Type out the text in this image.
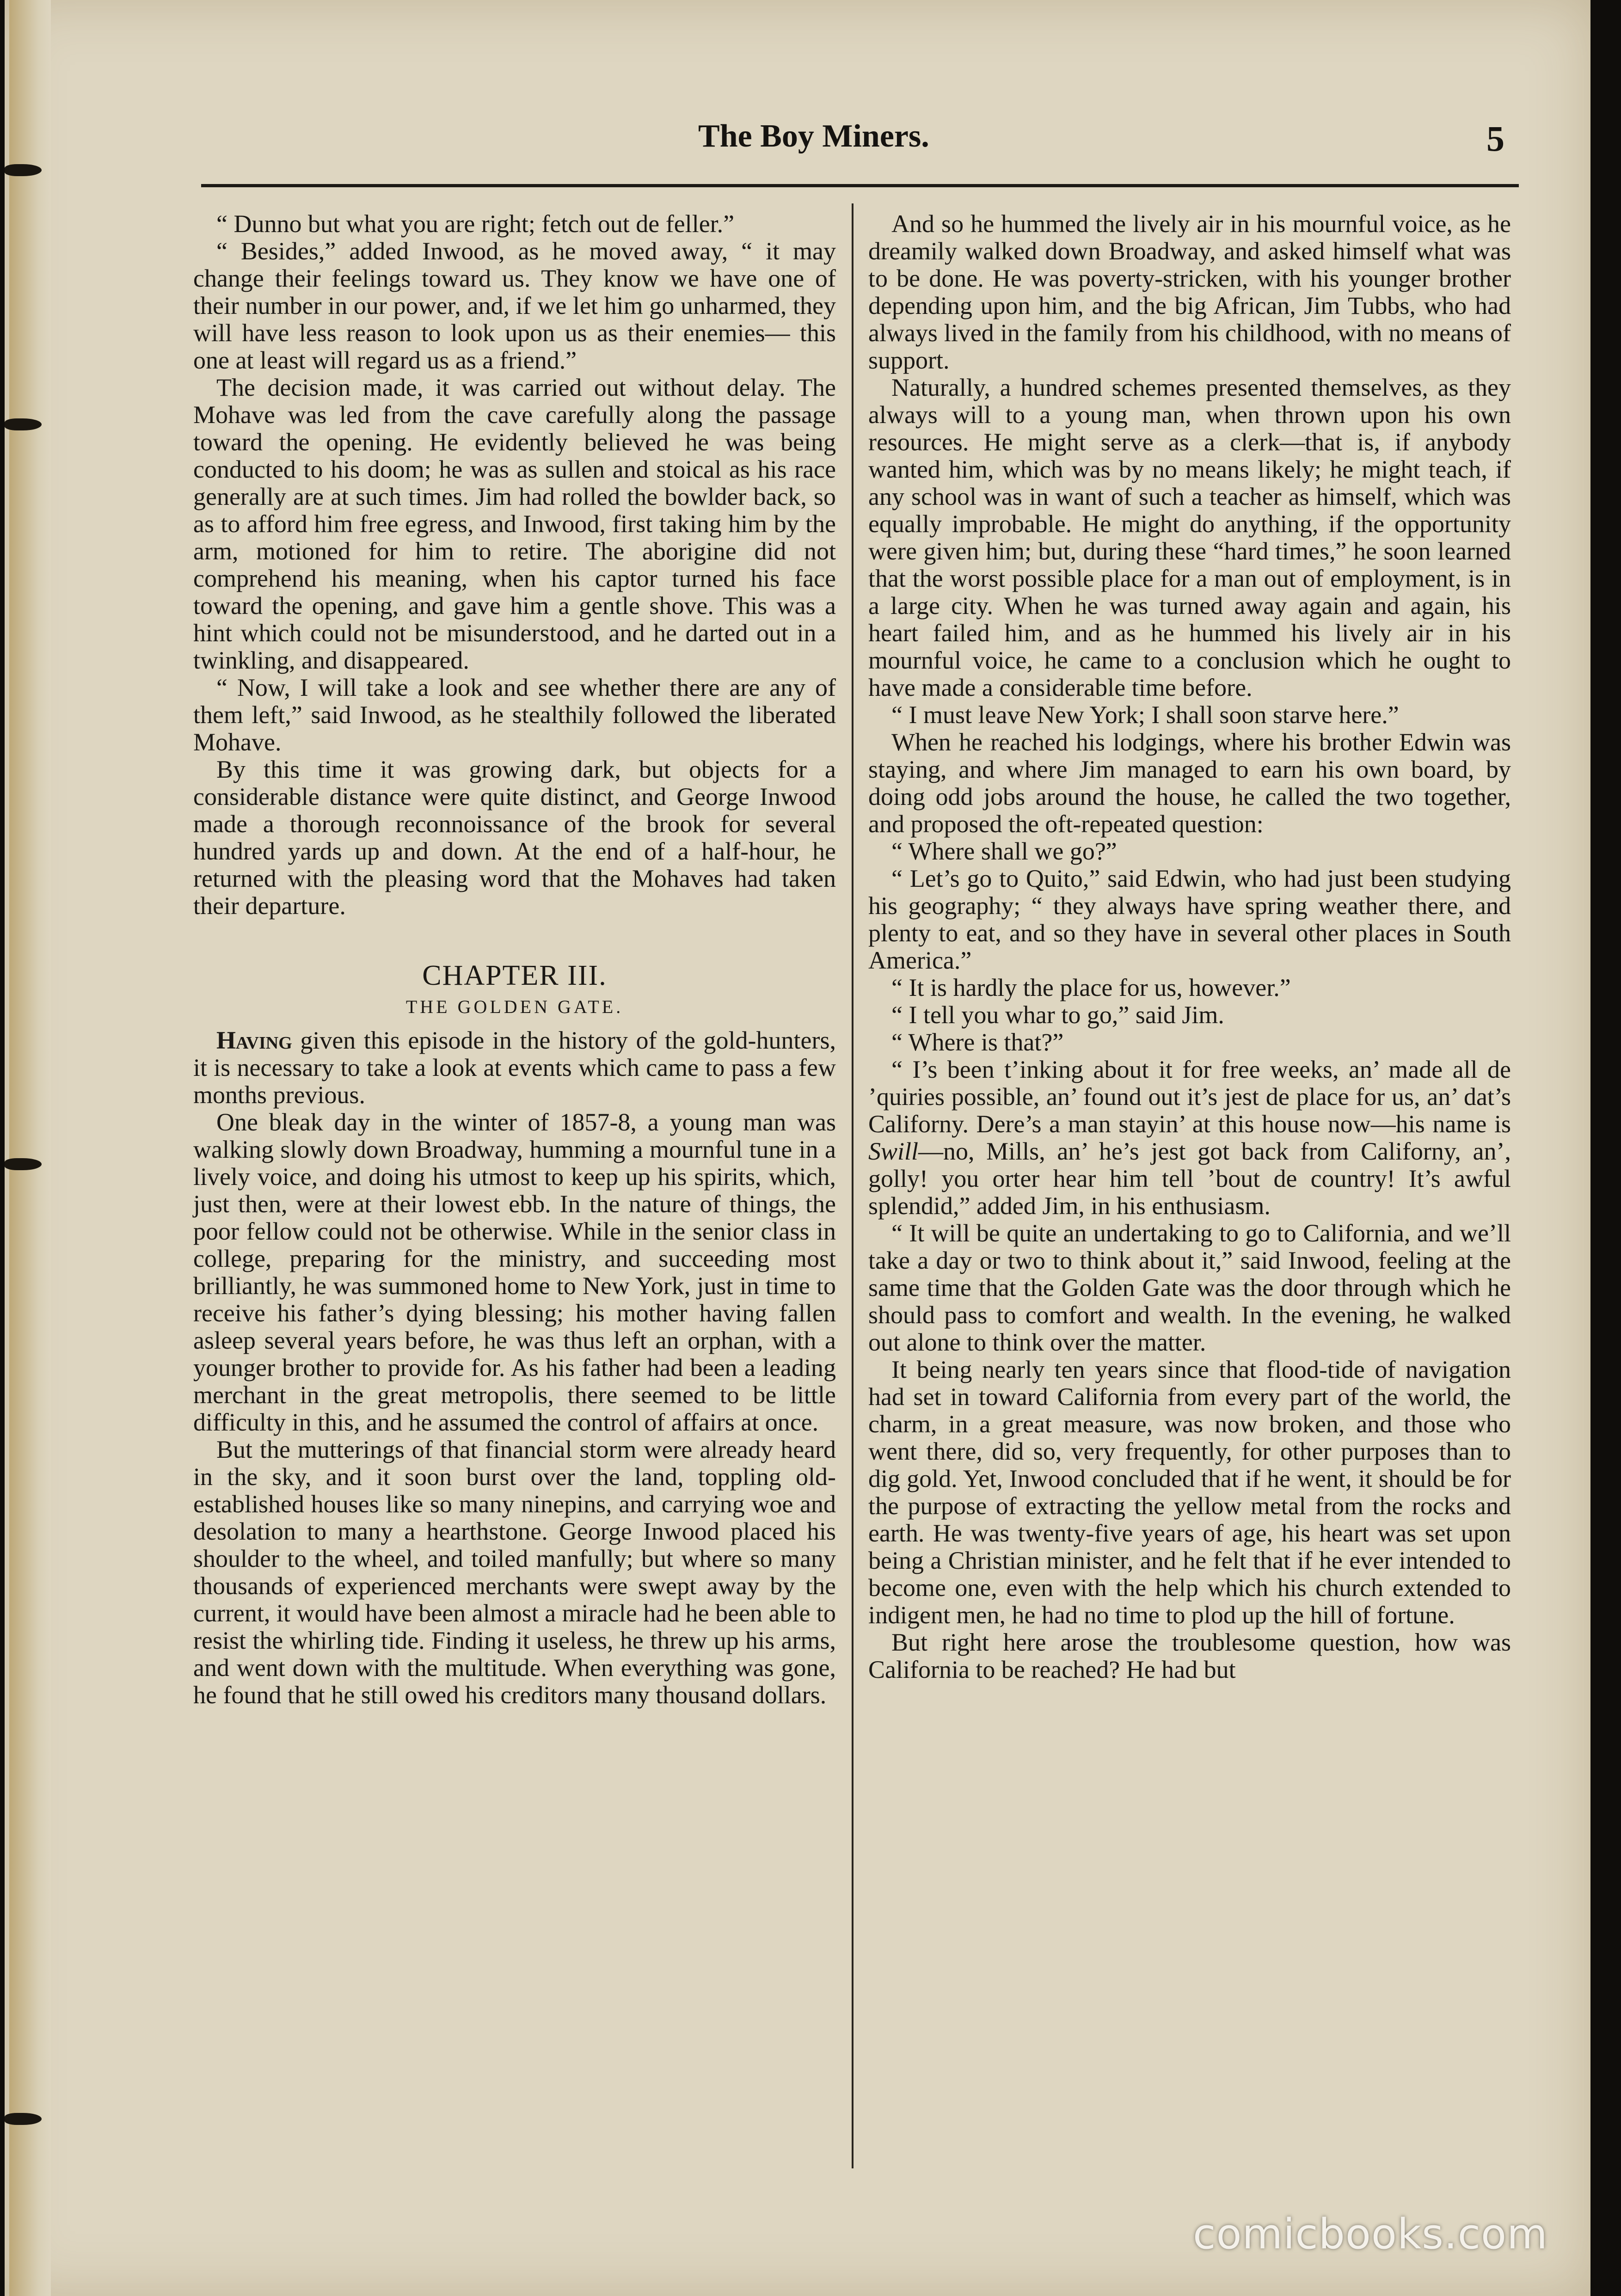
The Boy Miners.	5

“ Dunno but what you are right; fetch out de feller.”

“ Besides,” added Inwood, as he moved away, “ it may change their feelings toward us. They know we have one of their number in our power, and, if we let him go unharmed, they will have less reason to look upon us as their enemies— this one at least will regard us as a friend.”

The decision made, it was carried out without delay. The Mohave was led from the cave carefully along the passage toward the opening. He evidently believed he was being conducted to his doom; he was as sullen and stoical as his race generally are at such times. Jim had rolled the bowlder back, so as to afford him free egress, and Inwood, first taking him by the arm, motioned for him to retire. The aborigine did not comprehend his meaning, when his captor turned his face toward the opening, and gave him a gentle shove. This was a hint which could not be misunderstood, and he darted out in a twinkling, and disappeared.

“ Now, I will take a look and see whether there are any of them left,” said Inwood, as he stealthily followed the liberated Mohave.

By this time it was growing dark, but objects for a considerable distance were quite distinct, and George Inwood made a thorough reconnoissance of the brook for several hundred yards up and down. At the end of a half-hour, he returned with the pleasing word that the Mohaves had taken their departure.

CHAPTER III.
THE GOLDEN GATE.

Having given this episode in the history of the gold-hunters, it is necessary to take a look at events which came to pass a few months previous.

One bleak day in the winter of 1857-8, a young man was walking slowly down Broadway, humming a mournful tune in a lively voice, and doing his utmost to keep up his spirits, which, just then, were at their lowest ebb. In the nature of things, the poor fellow could not be otherwise. While in the senior class in college, preparing for the ministry, and succeeding most brilliantly, he was summoned home to New York, just in time to receive his father’s dying blessing; his mother having fallen asleep several years before, he was thus left an orphan, with a younger brother to provide for. As his father had been a leading merchant in the great metropolis, there seemed to be little difficulty in this, and he assumed the control of affairs at once.

But the mutterings of that financial storm were already heard in the sky, and it soon burst over the land, toppling old-established houses like so many ninepins, and carrying woe and desolation to many a hearthstone. George Inwood placed his shoulder to the wheel, and toiled manfully; but where so many thousands of experienced merchants were swept away by the current, it would have been almost a miracle had he been able to resist the whirling tide. Finding it useless, he threw up his arms, and went down with the multitude. When everything was gone, he found that he still owed his creditors many thousand dollars.

And so he hummed the lively air in his mournful voice, as he dreamily walked down Broadway, and asked himself what was to be done. He was poverty-stricken, with his younger brother depending upon him, and the big African, Jim Tubbs, who had always lived in the family from his childhood, with no means of support.

Naturally, a hundred schemes presented themselves, as they always will to a young man, when thrown upon his own resources. He might serve as a clerk—that is, if anybody wanted him, which was by no means likely; he might teach, if any school was in want of such a teacher as himself, which was equally improbable. He might do anything, if the opportunity were given him; but, during these “hard times,” he soon learned that the worst possible place for a man out of employment, is in a large city. When he was turned away again and again, his heart failed him, and as he hummed his lively air in his mournful voice, he came to a conclusion which he ought to have made a considerable time before.

“ I must leave New York; I shall soon starve here.”

When he reached his lodgings, where his brother Edwin was staying, and where Jim managed to earn his own board, by doing odd jobs around the house, he called the two together, and proposed the oft-repeated question:

“ Where shall we go?”

“ Let’s go to Quito,” said Edwin, who had just been studying his geography; “ they always have spring weather there, and plenty to eat, and so they have in several other places in South America.”

“ It is hardly the place for us, however.”

“ I tell you whar to go,” said Jim.

“ Where is that?”

“ I’s been t’inking about it for free weeks, an’ made all de ’quiries possible, an’ found out it’s jest de place for us, an’ dat’s Californy. Dere’s a man stayin’ at this house now—his name is Swill—no, Mills, an’ he’s jest got back from Californy, an’, golly! you orter hear him tell ’bout de country! It’s awful splendid,” added Jim, in his enthusiasm.

“ It will be quite an undertaking to go to California, and we’ll take a day or two to think about it,” said Inwood, feeling at the same time that the Golden Gate was the door through which he should pass to comfort and wealth. In the evening, he walked out alone to think over the matter.

It being nearly ten years since that flood-tide of navigation had set in toward California from every part of the world, the charm, in a great measure, was now broken, and those who went there, did so, very frequently, for other purposes than to dig gold. Yet, Inwood concluded that if he went, it should be for the purpose of extracting the yellow metal from the rocks and earth. He was twenty-five years of age, his heart was set upon being a Christian minister, and he felt that if he ever intended to become one, even with the help which his church extended to indigent men, he had no time to plod up the hill of fortune.

But right here arose the troublesome question, how was California to be reached? He had but

comicbooks.com
